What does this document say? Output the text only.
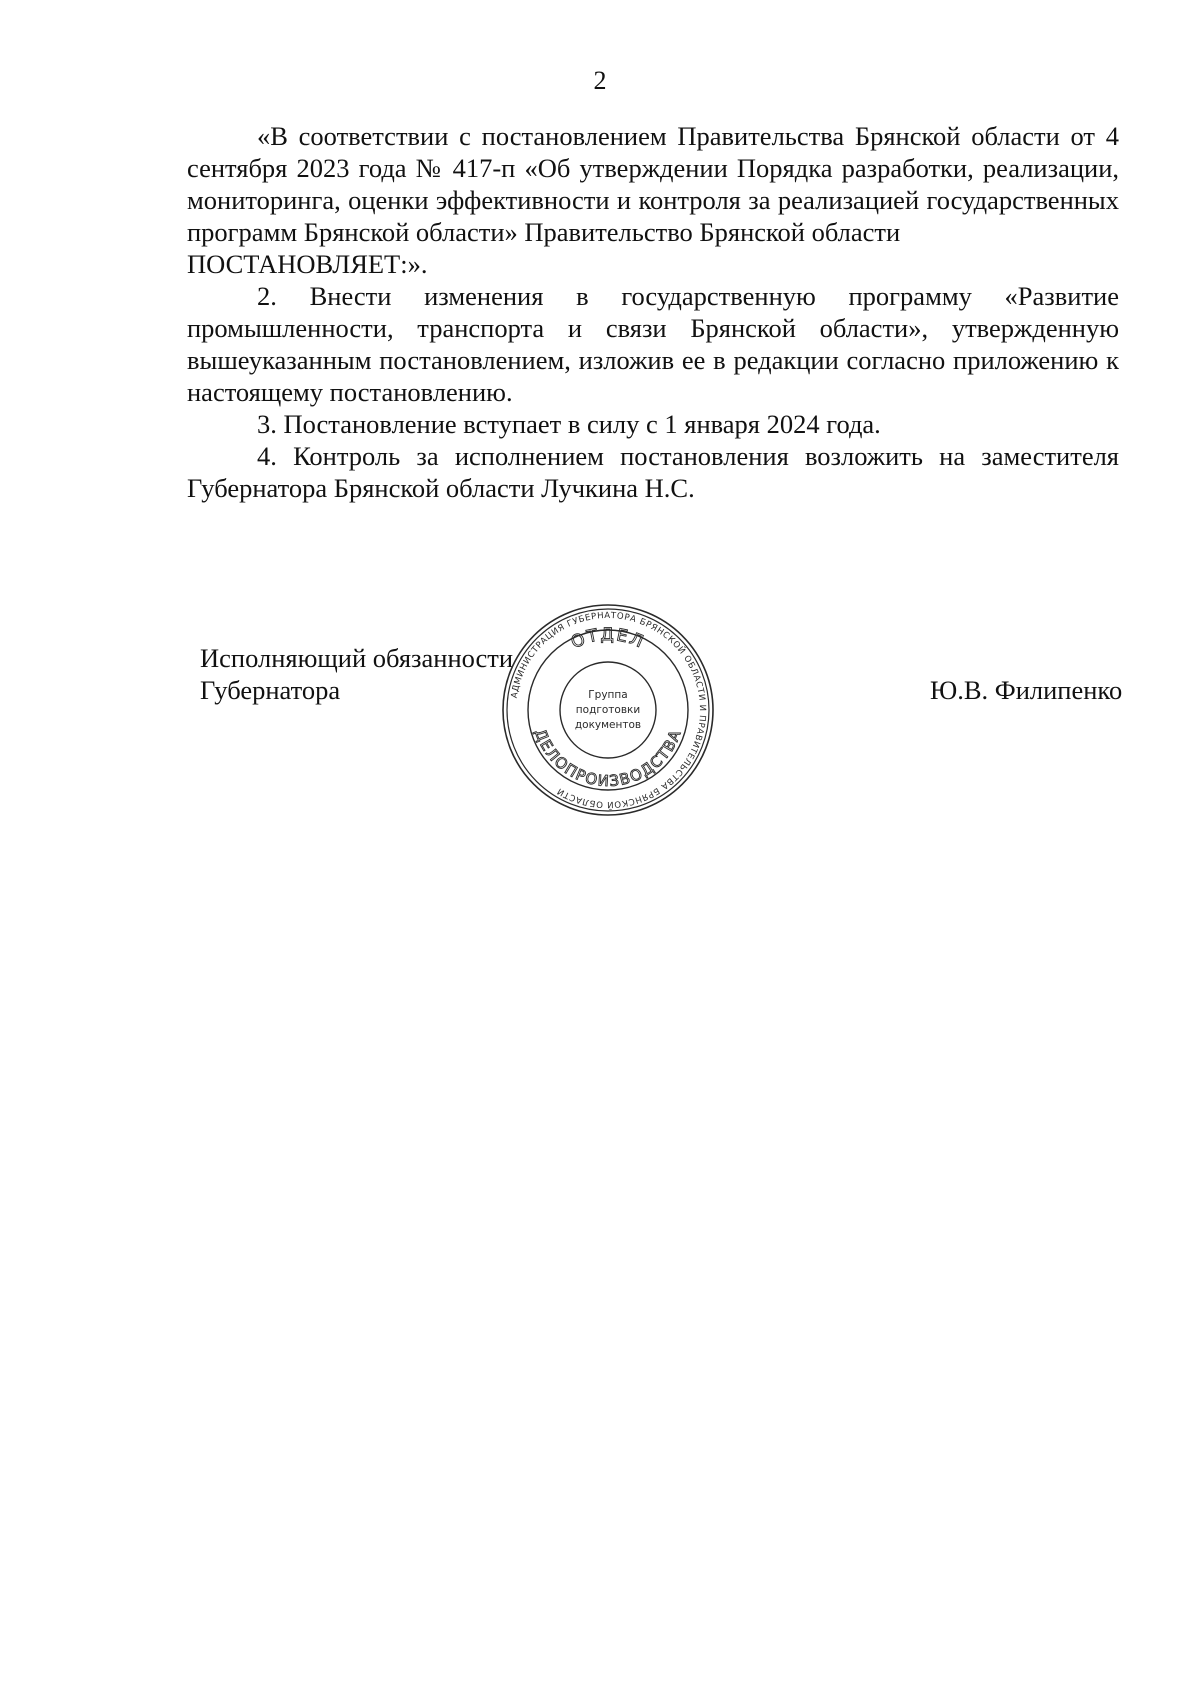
2

«В соответствии с постановлением Правительства Брянской области от 4 сентября 2023 года № 417-п «Об утверждении Порядка разработки, реализации, мониторинга, оценки эффективности и контроля за реализацией государственных программ Брянской области» Правительство Брянской области

ПОСТАНОВЛЯЕТ:».

2. Внести изменения в государственную программу «Развитие промышленности, транспорта и связи Брянской области», утвержденную вышеуказанным постановлением, изложив ее в редакции согласно приложению к настоящему постановлению.

3. Постановление вступает в силу с 1 января 2024 года.

4. Контроль за исполнением постановления возложить на заместителя Губернатора Брянской области Лучкина Н.С.

Исполняющий обязанности
Губернатора	Ю.В. Филипенко
АДМИНИСТРАЦИЯ ГУБЕРНАТОРА БРЯНСКОЙ ОБЛАСТИ И ПРАВИТЕЛЬСТВА БРЯНСКОЙ ОБЛАСТИ
ОТДЕЛ
ДЕЛОПРОИЗВОДСТВА
Группа
подготовки
документов
